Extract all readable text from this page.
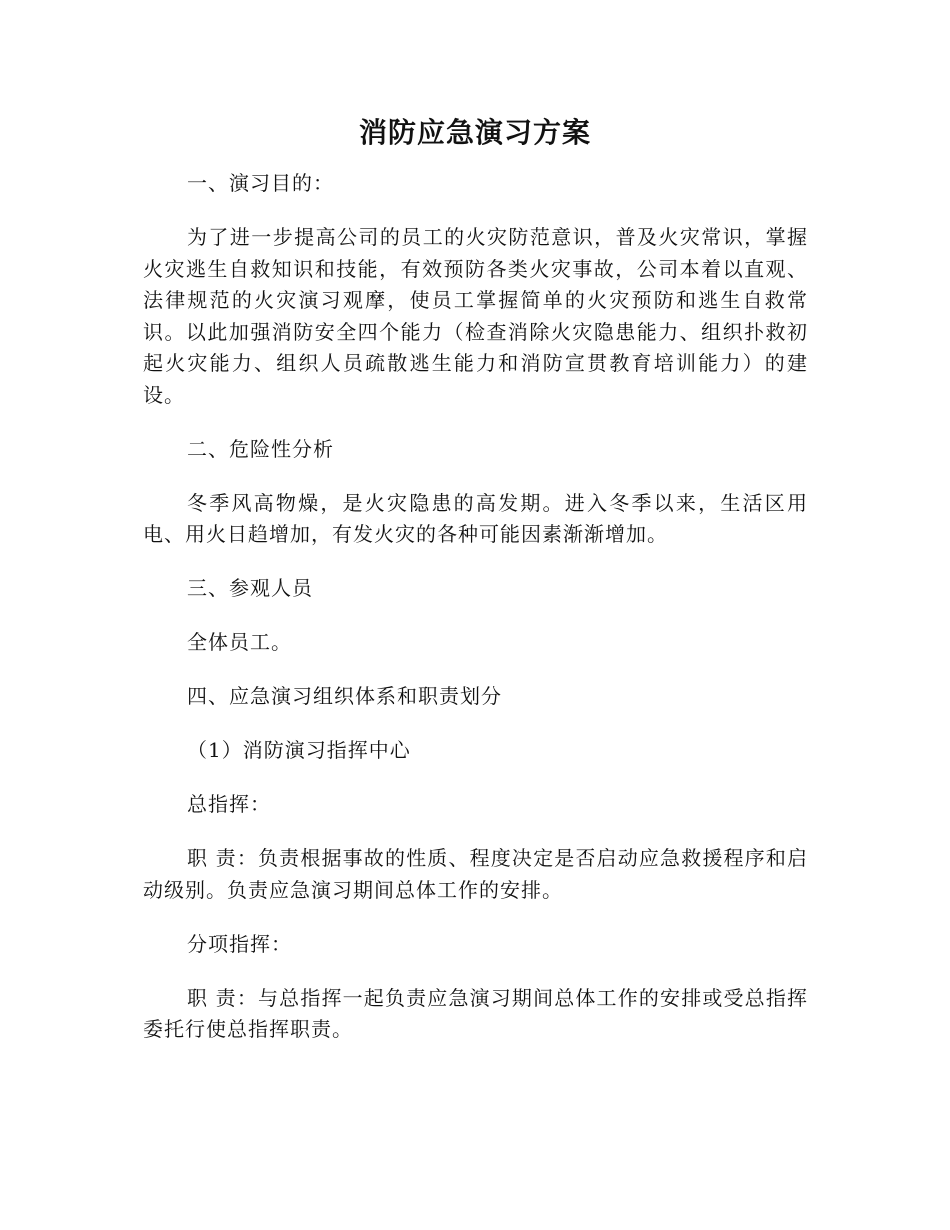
消防应急演习方案

一、演习目的：

为了进一步提高公司的员工的火灾防范意识，普及火灾常识，掌握火灾逃生自救知识和技能，有效预防各类火灾事故，公司本着以直观、法律规范的火灾演习观摩，使员工掌握简单的火灾预防和逃生自救常识。以此加强消防安全四个能力（检查消除火灾隐患能力、组织扑救初起火灾能力、组织人员疏散逃生能力和消防宣贯教育培训能力）的建设。

二、危险性分析

冬季风高物燥，是火灾隐患的高发期。进入冬季以来，生活区用电、用火日趋增加，有发火灾的各种可能因素渐渐增加。

三、参观人员

全体员工。

四、应急演习组织体系和职责划分

（1）消防演习指挥中心

总指挥：

职 责：负责根据事故的性质、程度决定是否启动应急救援程序和启动级别。负责应急演习期间总体工作的安排。

分项指挥：

职 责：与总指挥一起负责应急演习期间总体工作的安排或受总指挥委托行使总指挥职责。
